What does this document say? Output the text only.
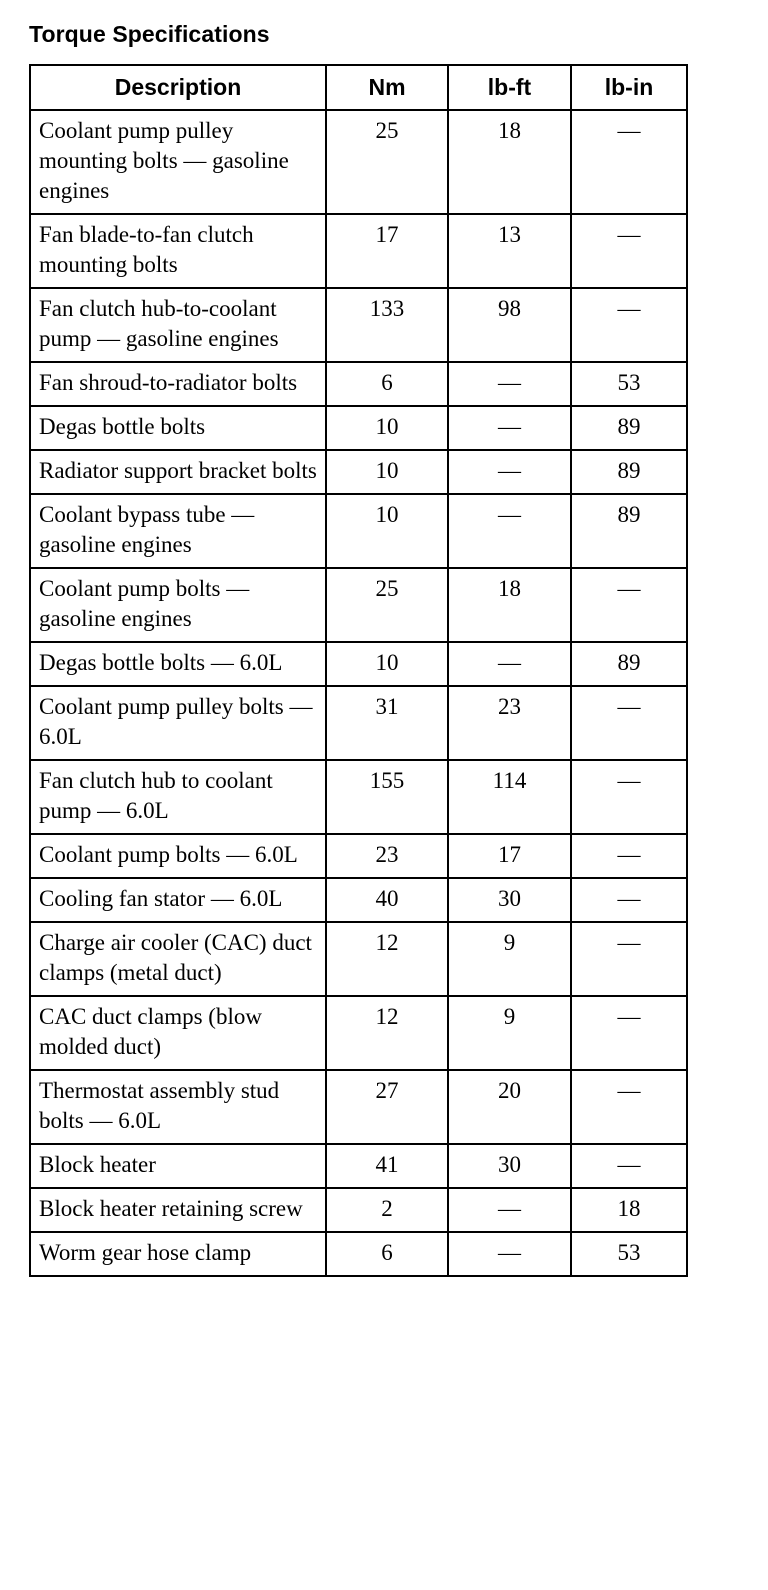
Torque Specifications
Description	Nm	lb-ft	lb-in
Coolant pump pulley mounting bolts — gasoline engines	25	18	—
Fan blade-to-fan clutch mounting bolts	17	13	—
Fan clutch hub-to-coolant pump — gasoline engines	133	98	—
Fan shroud-to-radiator bolts	6	—	53
Degas bottle bolts	10	—	89
Radiator support bracket bolts	10	—	89
Coolant bypass tube — gasoline engines	10	—	89
Coolant pump bolts — gasoline engines	25	18	—
Degas bottle bolts — 6.0L	10	—	89
Coolant pump pulley bolts — 6.0L	31	23	—
Fan clutch hub to coolant pump — 6.0L	155	114	—
Coolant pump bolts — 6.0L	23	17	—
Cooling fan stator — 6.0L	40	30	—
Charge air cooler (CAC) duct clamps (metal duct)	12	9	—
CAC duct clamps (blow molded duct)	12	9	—
Thermostat assembly stud bolts — 6.0L	27	20	—
Block heater	41	30	—
Block heater retaining screw	2	—	18
Worm gear hose clamp	6	—	53
